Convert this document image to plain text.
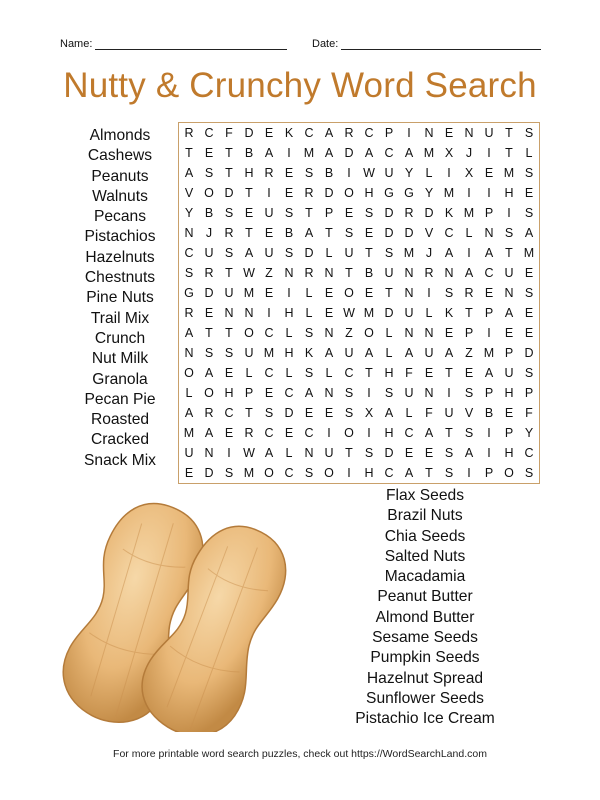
Name:	Date:
Nutty & Crunchy Word Search
R C F D E K C A R C P	I	N E N U T S
T E T B A	I	M A D A C A M X	J	I	T	L
A S T H R E S B	I W U Y L	I	X E M S
V O D T	I	E R D O H G G Y M	I	I	H E
Y B S E U S T P E S D R D K M P	I	S
N J R T E B A T S E D D V C L N S A
C U S A U S D L U T S M J	A	I	A T M
S R T W Z N R N T B U N R N A C U E
G D U M E	I	L E O E T N	I	S R E N S
R E N N	I	H L E W M D U L K T P A E
A T T O C L S N Z O L N N E P	I	E E
N S S U M H K A U A L A U A Z M P D
O A E L C L S L C T H F E T E A U S
L O H P E C A N S	I	S U N	I	S P H P
A R C T S D E E S X A L	F U V B E F
M A E R C E C	I	O	I	H C A T S	I	P Y
U N	I W A L N U T S D E E S A	I	H C
E D S M O C S O	I	H C A T S	I	P O S
Almonds
Cashews
Peanuts
Walnuts
Pecans
Pistachios
Hazelnuts
Chestnuts
Pine Nuts
Trail Mix
Crunch
Nut Milk
Granola
Pecan Pie
Roasted
Cracked
Snack Mix
Flax Seeds
Brazil Nuts
Chia Seeds
Salted Nuts
Macadamia
Peanut Butter
Almond Butter
Sesame Seeds
Pumpkin Seeds
Hazelnut Spread
Sunflower Seeds
Pistachio Ice Cream
For more printable word search puzzles, check out https://WordSearchLand.com
